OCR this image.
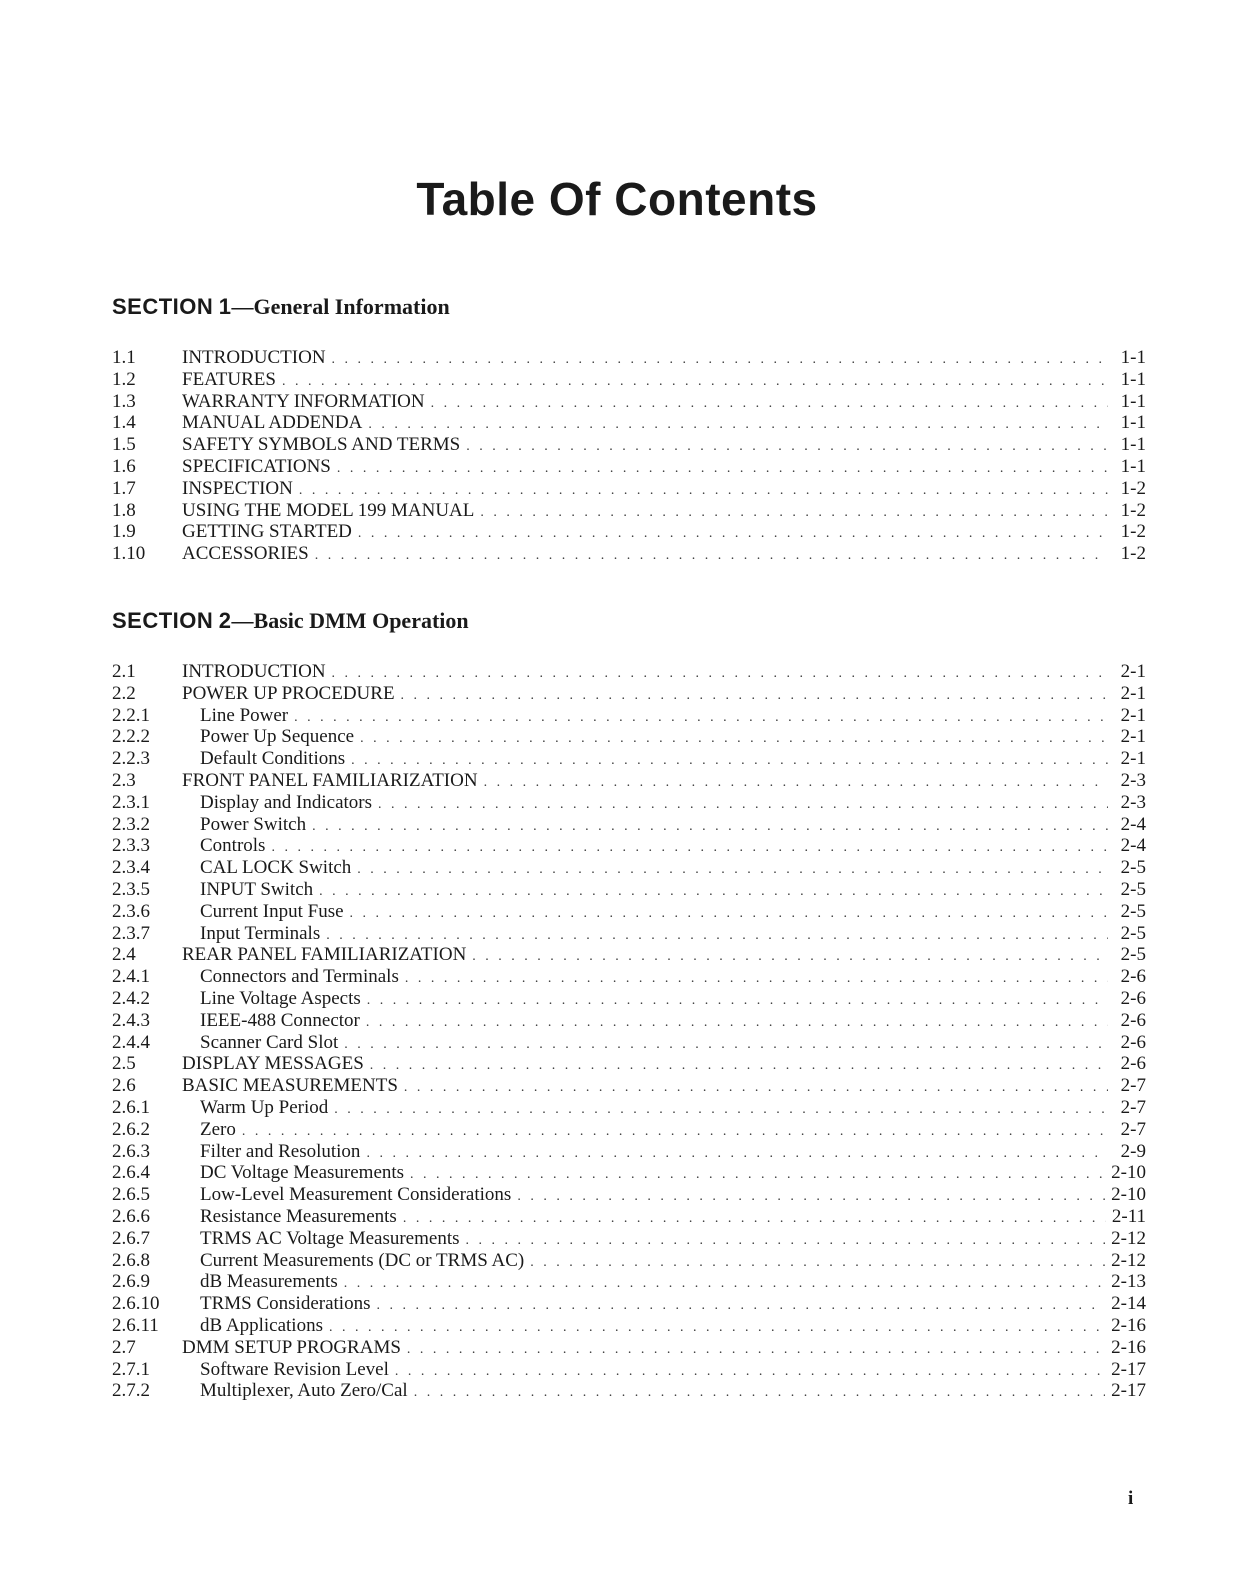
Table Of Contents
SECTION 1—General Information
1.1	INTRODUCTION . . .	1-1
1.2	FEATURES . . .	1-1
1.3	WARRANTY INFORMATION . . .	1-1
1.4	MANUAL ADDENDA . . .	1-1
1.5	SAFETY SYMBOLS AND TERMS . . .	1-1
1.6	SPECIFICATIONS . . .	1-1
1.7	INSPECTION . . .	1-2
1.8	USING THE MODEL 199 MANUAL . . .	1-2
1.9	GETTING STARTED . . .	1-2
1.10	ACCESSORIES . . .	1-2
SECTION 2—Basic DMM Operation
2.1	INTRODUCTION . . .	2-1
2.2	POWER UP PROCEDURE . . .	2-1
2.2.1	Line Power . . .	2-1
2.2.2	Power Up Sequence . . .	2-1
2.2.3	Default Conditions . . .	2-1
2.3	FRONT PANEL FAMILIARIZATION . . .	2-3
2.3.1	Display and Indicators . . .	2-3
2.3.2	Power Switch . . .	2-4
2.3.3	Controls . . .	2-4
2.3.4	CAL LOCK Switch . . .	2-5
2.3.5	INPUT Switch . . .	2-5
2.3.6	Current Input Fuse . . .	2-5
2.3.7	Input Terminals . . .	2-5
2.4	REAR PANEL FAMILIARIZATION . . .	2-5
2.4.1	Connectors and Terminals . . .	2-6
2.4.2	Line Voltage Aspects . . .	2-6
2.4.3	IEEE-488 Connector . . .	2-6
2.4.4	Scanner Card Slot . . .	2-6
2.5	DISPLAY MESSAGES . . .	2-6
2.6	BASIC MEASUREMENTS . . .	2-7
2.6.1	Warm Up Period . . .	2-7
2.6.2	Zero . . .	2-7
2.6.3	Filter and Resolution . . .	2-9
2.6.4	DC Voltage Measurements . . .	2-10
2.6.5	Low-Level Measurement Considerations . . .	2-10
2.6.6	Resistance Measurements . . .	2-11
2.6.7	TRMS AC Voltage Measurements . . .	2-12
2.6.8	Current Measurements (DC or TRMS AC) . . .	2-12
2.6.9	dB Measurements . . .	2-13
2.6.10	TRMS Considerations . . .	2-14
2.6.11	dB Applications . . .	2-16
2.7	DMM SETUP PROGRAMS . . .	2-16
2.7.1	Software Revision Level . . .	2-17
2.7.2	Multiplexer, Auto Zero/Cal . . .	2-17
i
